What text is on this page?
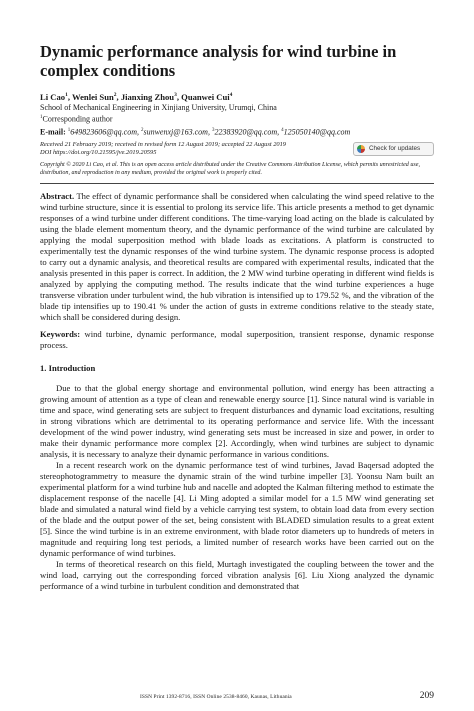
Dynamic performance analysis for wind turbine in complex conditions
Li Cao$^1$, Wenlei Sun$^2$, Jianxing Zhou$^3$, Quanwei Cui$^4$
School of Mechanical Engineering in Xinjiang University, Urumqi, China
$^1$Corresponding author
E-mail: $^1$649823606@qq.com, $^2$sunwenxj@163.com, $^3$22383920@qq.com, $^4$125050140@qq.com
Received 21 February 2019; received in revised form 12 August 2019; accepted 22 August 2019
DOI https://doi.org/10.21595/jve.2019.20595	Check for updates
Copyright © 2020 Li Cao, et al. This is an open access article distributed under the Creative Commons Attribution License, which permits unrestricted use, distribution, and reproduction in any medium, provided the original work is properly cited.

Abstract. The effect of dynamic performance shall be considered when calculating the wind speed relative to the wind turbine structure, since it is essential to prolong its service life. This article presents a method to get dynamic responses of a wind turbine under different conditions. The time-varying load acting on the blade is calculated by using the blade element momentum theory, and the dynamic performance of the wind turbine are calculated by applying the modal superposition method with blade loads as excitations. A platform is constructed to experimentally test the dynamic responses of the wind turbine system. The dynamic response process is adopted to carry out a dynamic analysis, and theoretical results are compared with experimental results, indicated that the analysis presented in this paper is correct. In addition, the 2 MW wind turbine operating in different wind fields is analyzed by applying the computing method. The results indicate that the wind turbine experiences a huge transverse vibration under turbulent wind, the hub vibration is intensified up to 179.52 %, and the vibration of the blade tip intensifies up to 190.41 % under the action of gusts in extreme conditions relative to the steady state, which shall be considered during design.

Keywords: wind turbine, dynamic performance, modal superposition, transient response, dynamic response process.

1. Introduction

Due to that the global energy shortage and environmental pollution, wind energy has been attracting a growing amount of attention as a type of clean and renewable energy source [1]. Since natural wind is variable in time and space, wind generating sets are subject to frequent disturbances and dynamic load excitations, resulting in strong vibrations which are detrimental to its operating performance and service life. With the incessant development of the wind power industry, wind generating sets must be increased in size and power, in order to make their dynamic performance more complex [2]. Accordingly, when wind turbines are subject to dynamic analysis, it is necessary to analyze their dynamic performance in various conditions.

In a recent research work on the dynamic performance test of wind turbines, Javad Baqersad adopted the stereophotogrammetry to measure the dynamic strain of the wind turbine impeller [3]. Yoonsu Nam built an experimental platform for a wind turbine hub and nacelle and adopted the Kalman filtering method to estimate the displacement response of the nacelle [4]. Li Ming adopted a similar model for a 1.5 MW wind generating set blade and simulated a natural wind field by a vehicle carrying test system, to obtain load data from every section of the blade and the output power of the set, being consistent with BLADED simulation results to a great extent [5]. Since the wind turbine is in an extreme environment, with blade rotor diameters up to hundreds of meters in magnitude and requiring long test periods, a limited number of research works have been carried out on the dynamic performance of wind turbines.

In terms of theoretical research on this field, Murtagh investigated the coupling between the tower and the wind load, carrying out the corresponding forced vibration analysis [6]. Liu Xiong analyzed the dynamic performance of a wind turbine in turbulent condition and demonstrated that

ISSN Print 1392-8716, ISSN Online 2538-8460, Kaunas, Lithuania	209
